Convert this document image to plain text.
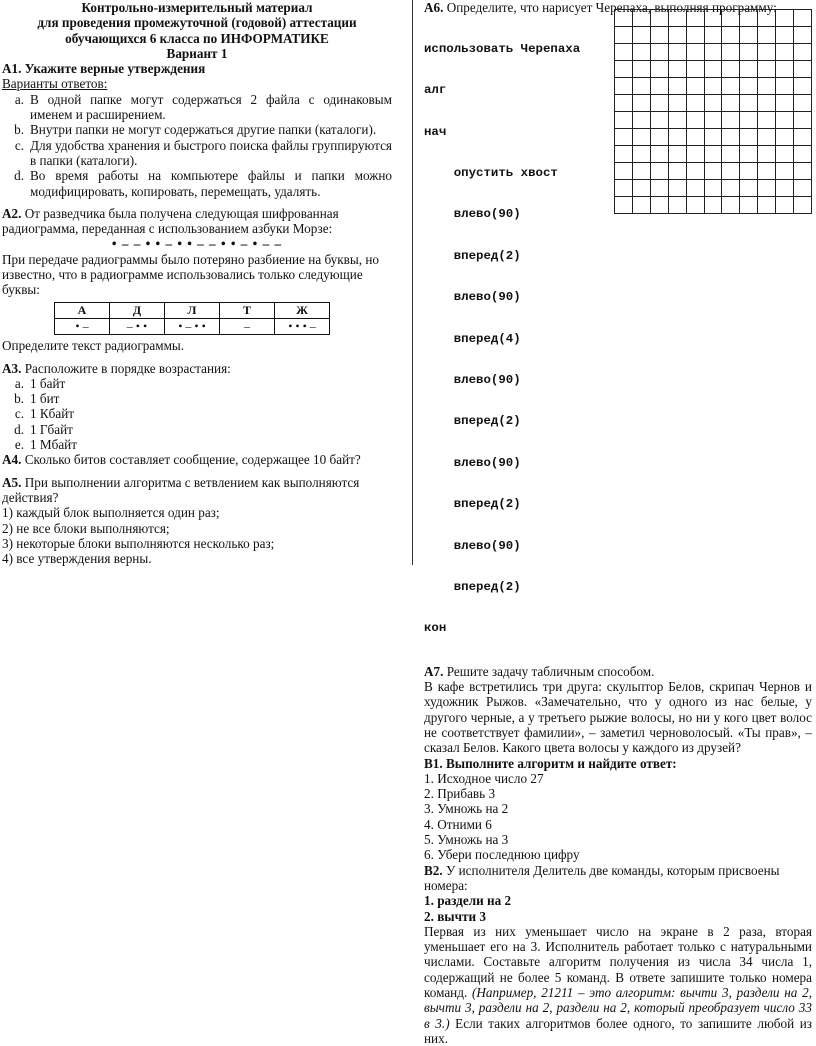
Контрольно-измерительный материал
для проведения промежуточной (годовой) аттестации
обучающихся 6 класса по ИНФОРМАТИКЕ
Вариант 1

А1. Укажите верные утверждения

Варианты ответов:

a. В одной папке могут содержаться 2 файла с одинаковым именем и расширением.
b. Внутри папки не могут содержаться другие папки (каталоги).
c. Для удобства хранения и быстрого поиска файлы группируются в папки (каталоги).
d. Во время работы на компьютере файлы и папки можно модифицировать, копировать, перемещать, удалять.

А2. От разведчика была получена следующая шифрованная радиограмма, переданная с использованием азбуки Морзе:

• – – • • – • • – – • • – • – –

При передаче радиограммы было потеряно разбиение на буквы, но известно, что в радиограмме использовались только следующие буквы:

А	Д	Л	Т	Ж
• –	– • •	• – • •	–	• • • –

Определите текст радиограммы.

А3. Расположите в порядке возрастания:

a. 1 байт
b. 1 бит
c. 1 Кбайт
d. 1 Гбайт
e. 1 Мбайт

А4. Сколько битов составляет сообщение, содержащее 10 байт?

А5. При выполнении алгоритма с ветвлением как выполняются действия?

1) каждый блок выполняется один раз;

2) не все блоки выполняются;

3) некоторые блоки выполняются несколько раз;

4) все утверждения верны.

А6. Определите, что нарисует Черепаха, выполняя программу:

использовать Черепаха

алг

нач

опустить хвост

влево(90)

вперед(2)

влево(90)

вперед(4)

влево(90)

вперед(2)

влево(90)

вперед(2)

влево(90)

вперед(2)

кон

А7. Решите задачу табличным способом.

В кафе встретились три друга: скульптор Белов, скрипач Чернов и художник Рыжов. «Замечательно, что у одного из нас белые, у другого черные, а у третьего рыжие волосы, но ни у кого цвет волос не соответствует фамилии», – заметил черноволосый. «Ты прав», – сказал Белов. Какого цвета волосы у каждого из друзей?

В1. Выполните алгоритм и найдите ответ:

1. Исходное число 27

2. Прибавь 3

3. Умножь на 2

4. Отними 6

5. Умножь на 3

6. Убери последнюю цифру

В2. У исполнителя Делитель две команды, которым присвоены номера:

1. раздели на 2

2. вычти 3

Первая из них уменьшает число на экране в 2 раза, вторая уменьшает его на 3. Исполнитель работает только с натуральными числами. Составьте алгоритм получения из числа 34 числа 1, содержащий не более 5 команд. В ответе запишите только номера команд. (Например, 21211 – это алгоритм: вычти 3, раздели на 2, вычти 3, раздели на 2, раздели на 2, который преобразует число 33 в 3.) Если таких алгоритмов более одного, то запишите любой из них.
